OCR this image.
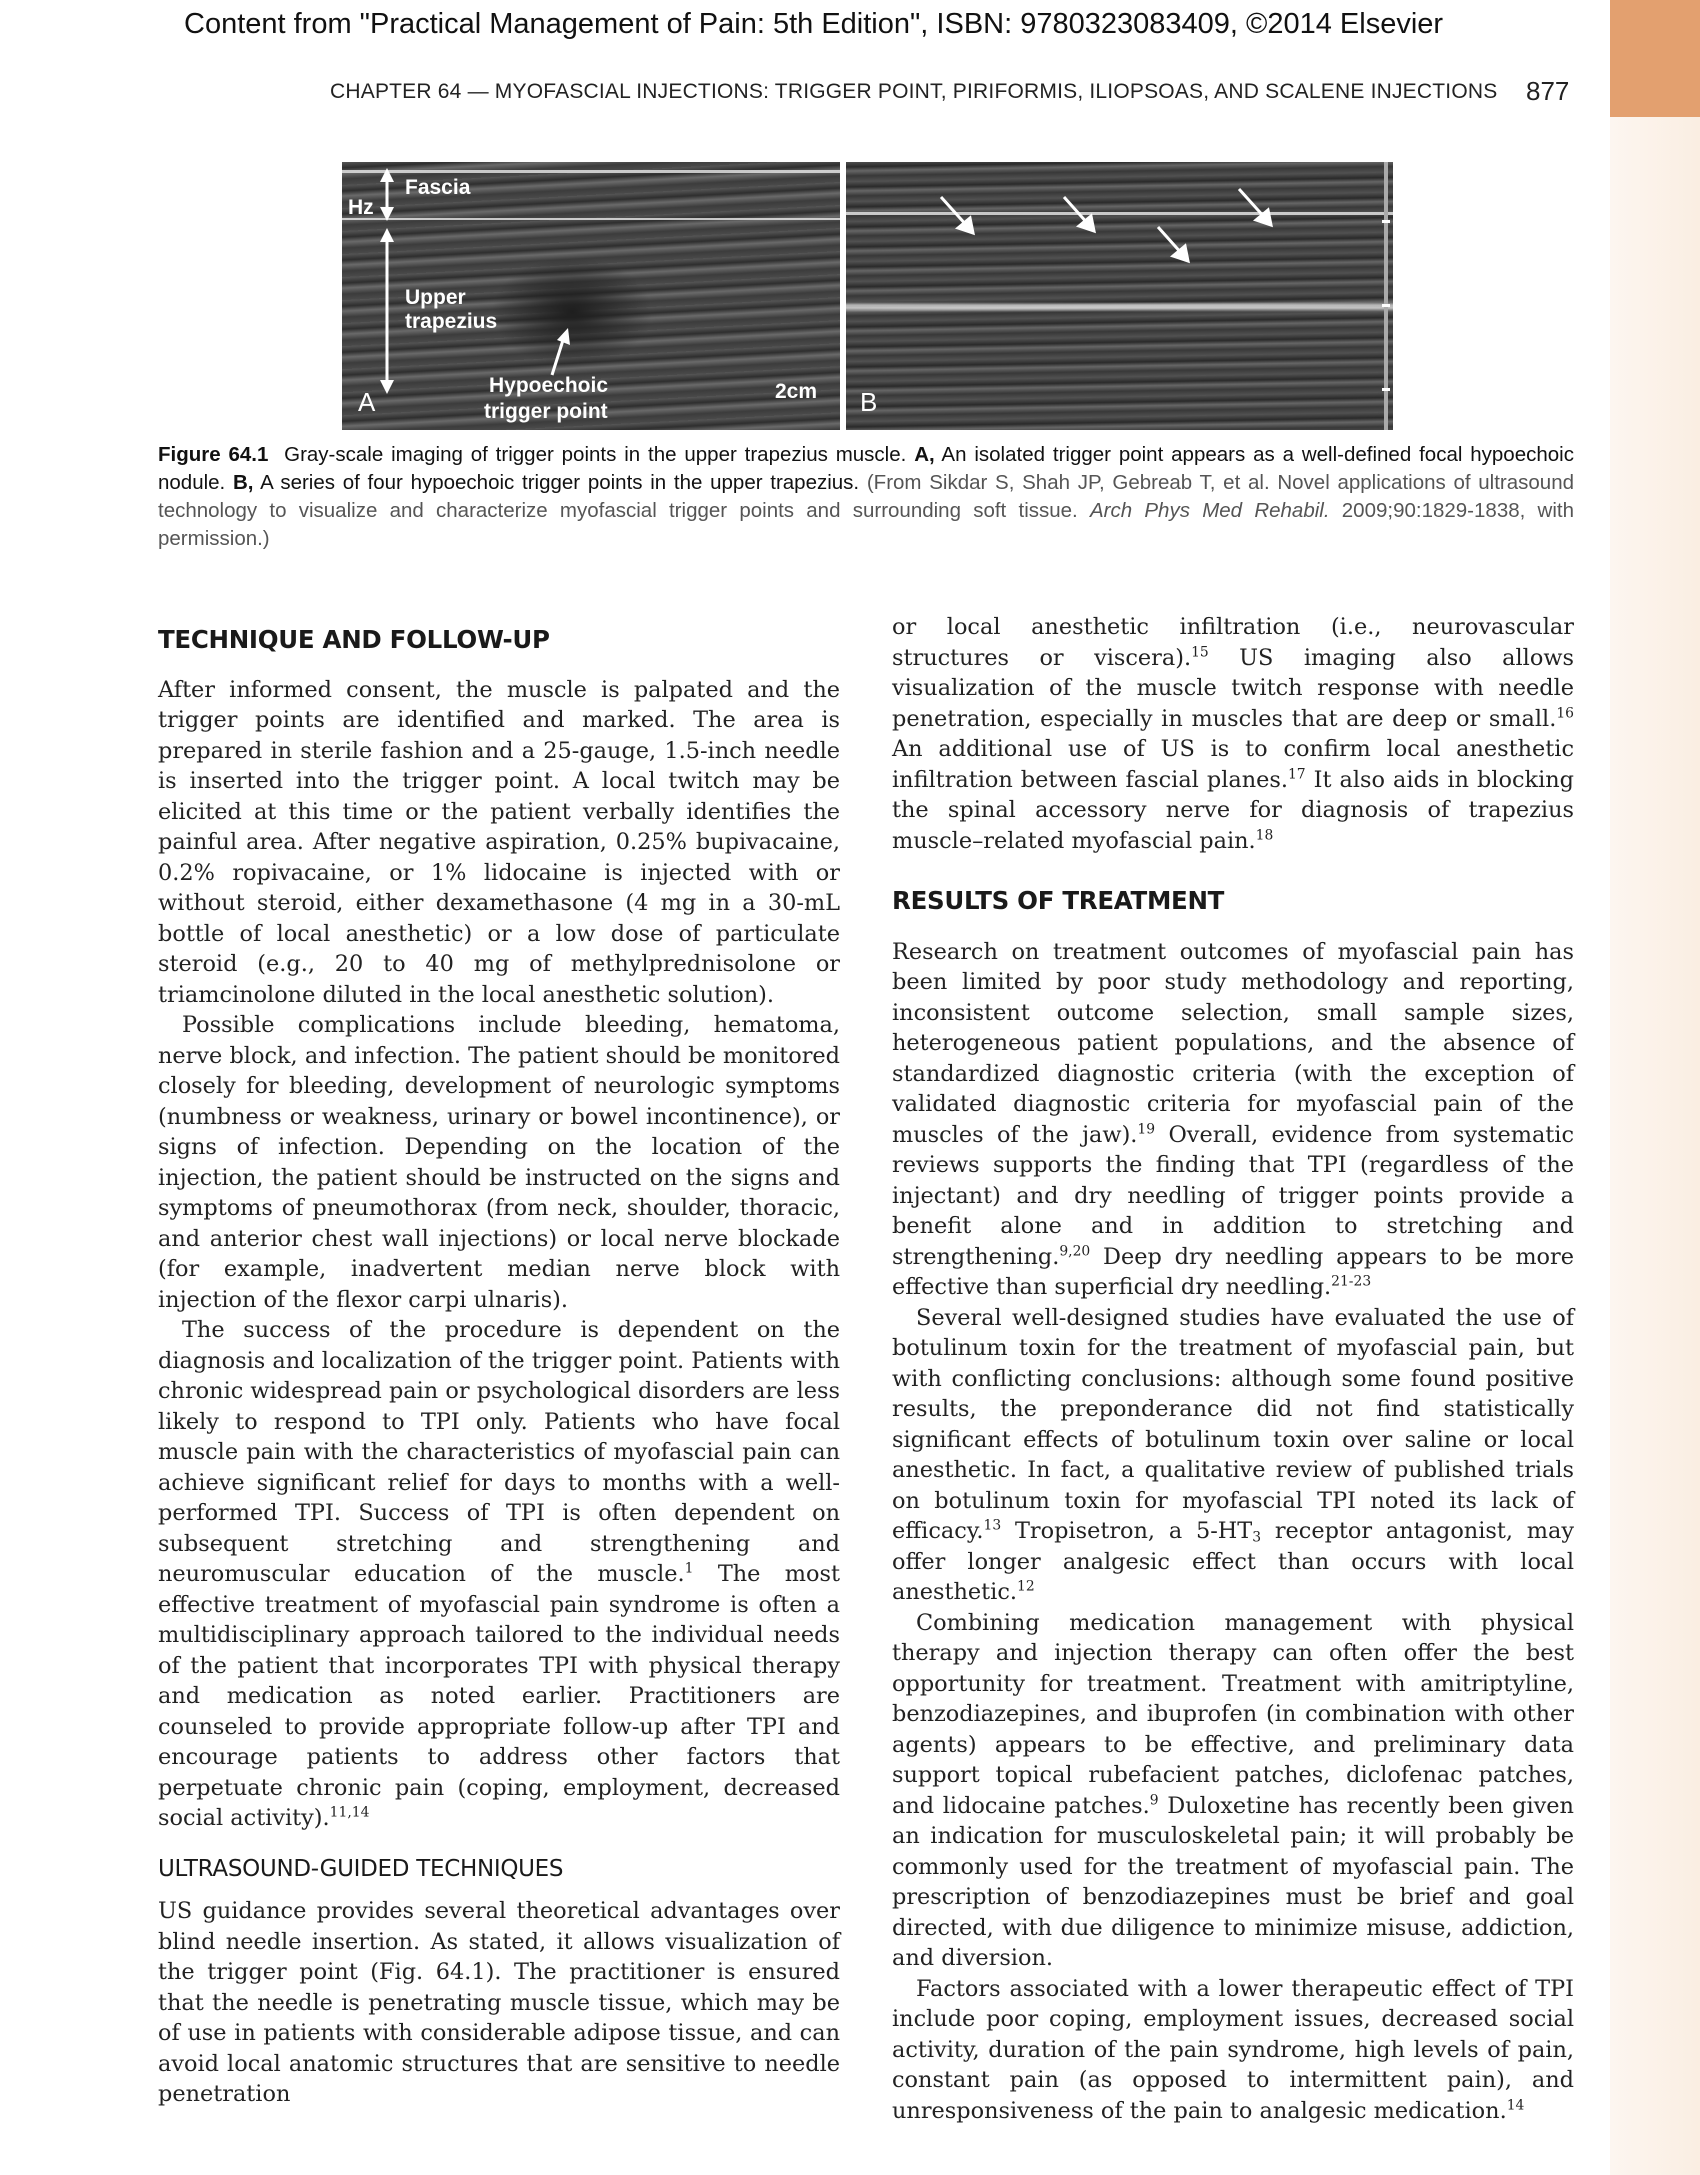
Content from "Practical Management of Pain: 5th Edition", ISBN: 9780323083409, ©2014 Elsevier
CHAPTER 64 — MYOFASCIAL INJECTIONS: TRIGGER POINT, PIRIFORMIS, ILIOPSOAS, AND SCALENE INJECTIONS 877
Hz
Fascia
Upper
trapezius
Hypoechoic
trigger point
2cm
A	B
Figure 64.1 Gray-scale imaging of trigger points in the upper trapezius muscle. A, An isolated trigger point appears as a well-defined focal hypoechoic nodule. B, A series of four hypoechoic trigger points in the upper trapezius. (From Sikdar S, Shah JP, Gebreab T, et al. Novel applications of ultrasound technology to visualize and characterize myofascial trigger points and surrounding soft tissue. Arch Phys Med Rehabil. 2009;90:1829-1838, with permission.)
TECHNIQUE AND FOLLOW-UP

After informed consent, the muscle is palpated and the trigger points are identified and marked. The area is prepared in sterile fashion and a 25-gauge, 1.5-inch needle is inserted into the trigger point. A local twitch may be elicited at this time or the patient verbally identifies the painful area. After negative aspiration, 0.25% bupivacaine, 0.2% ropivacaine, or 1% lidocaine is injected with or without steroid, either dexamethasone (4 mg in a 30-mL bottle of local anesthetic) or a low dose of particulate steroid (e.g., 20 to 40 mg of methylprednisolone or triamcinolone diluted in the local anesthetic solution).

Possible complications include bleeding, hematoma, nerve block, and infection. The patient should be monitored closely for bleeding, development of neurologic symptoms (numbness or weakness, urinary or bowel incontinence), or signs of infection. Depending on the location of the injection, the patient should be instructed on the signs and symptoms of pneumothorax (from neck, shoulder, thoracic, and anterior chest wall injections) or local nerve blockade (for example, inadvertent median nerve block with injection of the flexor carpi ulnaris).

The success of the procedure is dependent on the diagnosis and localization of the trigger point. Patients with chronic widespread pain or psychological disorders are less likely to respond to TPI only. Patients who have focal muscle pain with the characteristics of myofascial pain can achieve significant relief for days to months with a well-performed TPI. Success of TPI is often dependent on subsequent stretching and strengthening and neuromuscular education of the muscle.$^1$ The most effective treatment of myofascial pain syndrome is often a multidisciplinary approach tailored to the individual needs of the patient that incorporates TPI with physical therapy and medication as noted earlier. Practitioners are counseled to provide appropriate follow-up after TPI and encourage patients to address other factors that perpetuate chronic pain (coping, employment, decreased social activity).$^{11,14}$

ULTRASOUND-GUIDED TECHNIQUES

US guidance provides several theoretical advantages over blind needle insertion. As stated, it allows visualization of the trigger point (Fig. 64.1). The practitioner is ensured that the needle is penetrating muscle tissue, which may be of use in patients with considerable adipose tissue, and can avoid local anatomic structures that are sensitive to needle penetration

or local anesthetic infiltration (i.e., neurovascular structures or viscera).$^{15}$ US imaging also allows visualization of the muscle twitch response with needle penetration, especially in muscles that are deep or small.$^{16}$ An additional use of US is to confirm local anesthetic infiltration between fascial planes.$^{17}$ It also aids in blocking the spinal accessory nerve for diagnosis of trapezius muscle–related myofascial pain.$^{18}$

RESULTS OF TREATMENT

Research on treatment outcomes of myofascial pain has been limited by poor study methodology and reporting, inconsistent outcome selection, small sample sizes, heterogeneous patient populations, and the absence of standardized diagnostic criteria (with the exception of validated diagnostic criteria for myofascial pain of the muscles of the jaw).$^{19}$ Overall, evidence from systematic reviews supports the finding that TPI (regardless of the injectant) and dry needling of trigger points provide a benefit alone and in addition to stretching and strengthening.$^{9,20}$ Deep dry needling appears to be more effective than superficial dry needling.$^{21-23}$

Several well-designed studies have evaluated the use of botulinum toxin for the treatment of myofascial pain, but with conflicting conclusions: although some found positive results, the preponderance did not find statistically significant effects of botulinum toxin over saline or local anesthetic. In fact, a qualitative review of published trials on botulinum toxin for myofascial TPI noted its lack of efficacy.$^{13}$ Tropisetron, a $5-HT_3$ receptor antagonist, may offer longer analgesic effect than occurs with local anesthetic.$^{12}$

Combining medication management with physical therapy and injection therapy can often offer the best opportunity for treatment. Treatment with amitriptyline, benzodiazepines, and ibuprofen (in combination with other agents) appears to be effective, and preliminary data support topical rubefacient patches, diclofenac patches, and lidocaine patches.$^9$ Duloxetine has recently been given an indication for musculoskeletal pain; it will probably be commonly used for the treatment of myofascial pain. The prescription of benzodiazepines must be brief and goal directed, with due diligence to minimize misuse, addiction, and diversion.

Factors associated with a lower therapeutic effect of TPI include poor coping, employment issues, decreased social activity, duration of the pain syndrome, high levels of pain, constant pain (as opposed to intermittent pain), and unresponsiveness of the pain to analgesic medication.$^{14}$
